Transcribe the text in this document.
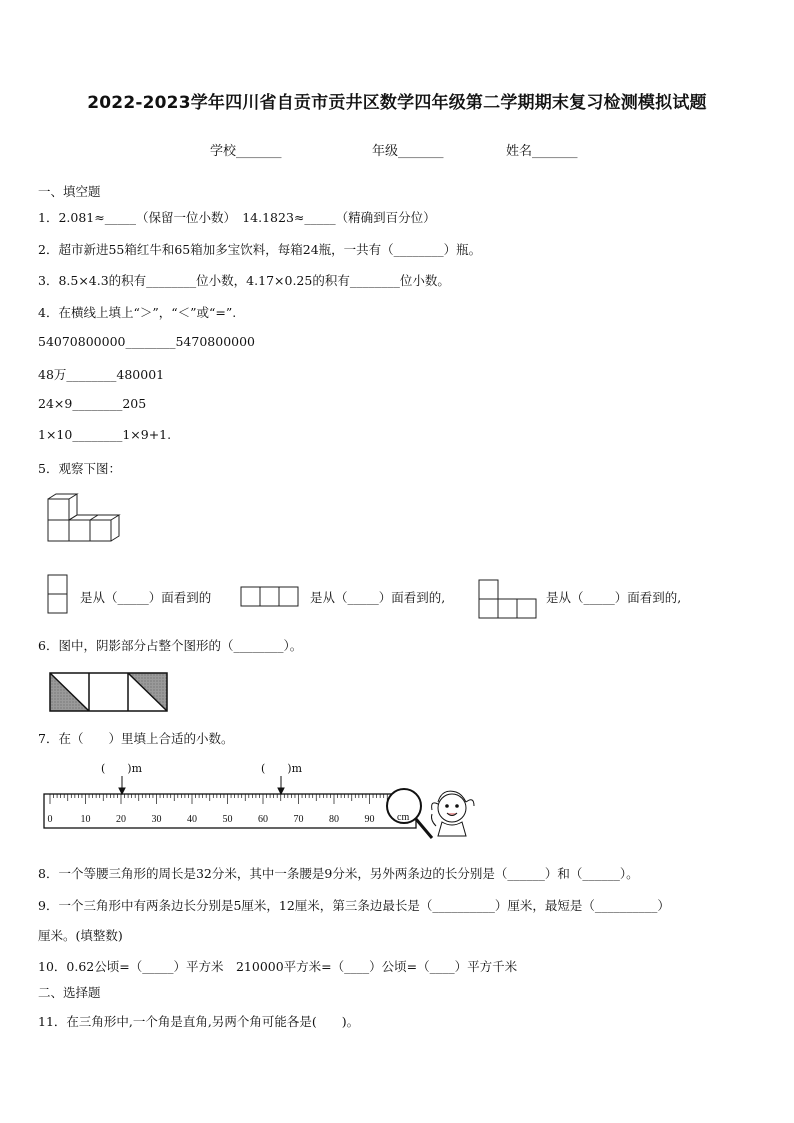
2022-2023学年四川省自贡市贡井区数学四年级第二学期期末复习检测模拟试题
学校_______	年级_______	姓名_______
一、填空题
1．2.081≈_____（保留一位小数）　14.1823≈_____（精确到百分位）
2．超市新进55箱红牛和65箱加多宝饮料，每箱24瓶，一共有（________）瓶。
3．8.5×4.3的积有________位小数，4.17×0.25的积有________位小数。
4．在横线上填上“＞”，“＜”或“=”.
54070800000________5470800000
48万________480001
24×9________205
1×10________1×9+1.
5．观察下图：
是从（_____）面看到的	是从（_____）面看到的,	是从（_____）面看到的,
6．图中，阴影部分占整个图形的（________）。
7．在（　　）里填上合适的小数。
(　　)m	(　　)m
0	10	20	30	40	50	60	70	80	90 cm
8．一个等腰三角形的周长是32分米，其中一条腰是9分米，另外两条边的长分别是（______）和（______）。
9．一个三角形中有两条边长分别是5厘米，12厘米，第三条边最长是（__________）厘米，最短是（__________）
厘米。(填整数)
10．0.62公顷=（_____）平方米　210000平方米=（____）公顷=（____）平方千米
二、选择题
11．在三角形中,一个角是直角,另两个角可能各是(　　)。
